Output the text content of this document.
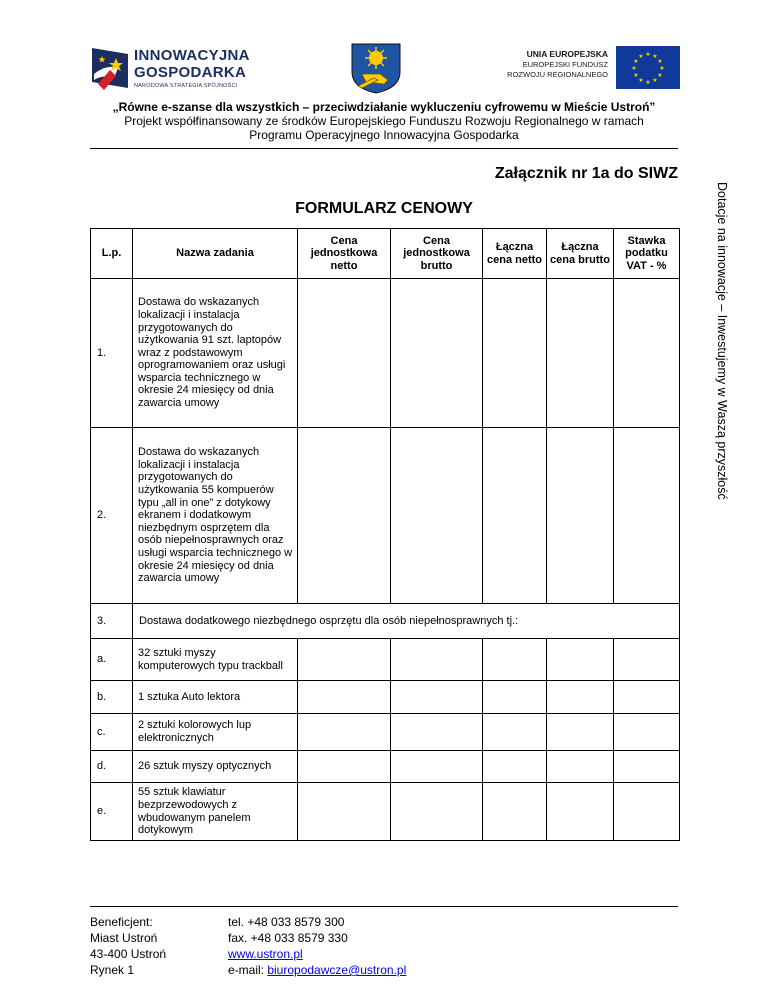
INNOWACYJNA
GOSPODARKA
NARODOWA STRATEGIA SPÓJNOŚCI
UNIA EUROPEJSKA
EUROPEJSKI FUNDUSZ
ROZWOJU REGIONALNEGO
★ ★
★
★
★
★
★
★
★
★
★
★
„Równe e-szanse dla wszystkich – przeciwdziałanie wykluczeniu cyfrowemu w Mieście Ustroń”
Projekt współfinansowany ze środków Europejskiego Funduszu Rozwoju Regionalnego w ramach
Programu Operacyjnego Innowacyjna Gospodarka
Załącznik nr 1a do SIWZ
FORMULARZ CENOWY	Dotacje na innowacje – Inwestujemy w Waszą przyszłość
L.p.	Nazwa zadania	Cena jednostkowa netto	Cena jednostkowa brutto	Łączna cena netto	Łączna cena brutto	Stawka podatku VAT - %
1.	Dostawa do wskazanych lokalizacji i instalacja przygotowanych do użytkowania 91 szt. laptopów wraz z podstawowym oprogramowaniem oraz usługi wsparcia technicznego w okresie 24 miesięcy od dnia zawarcia umowy					
2.	Dostawa do wskazanych lokalizacji i instalacja przygotowanych do użytkowania 55 kompuerów typu „all in one” z dotykowy ekranem i dodatkowym niezbędnym osprzętem dla osób niepełnosprawnych oraz usługi wsparcia technicznego w okresie 24 miesięcy od dnia zawarcia umowy					
3.	Dostawa dodatkowego niezbędnego osprzętu dla osób niepełnosprawnych tj.:					
a.	32 sztuki myszy komputerowych typu trackball					
b.	1 sztuka Auto lektora					
c.	2 sztuki kolorowych lup elektronicznych					
d.	26 sztuk myszy optycznych					
e.	55 sztuk klawiatur bezprzewodowych z wbudowanym panelem dotykowym					
Beneficjent:
Miast Ustroń
43-400 Ustroń
Rynek 1
tel. +48 033 8579 300
fax. +48 033 8579 330
www.ustron.pl
e-mail: biuropodawcze@ustron.pl
